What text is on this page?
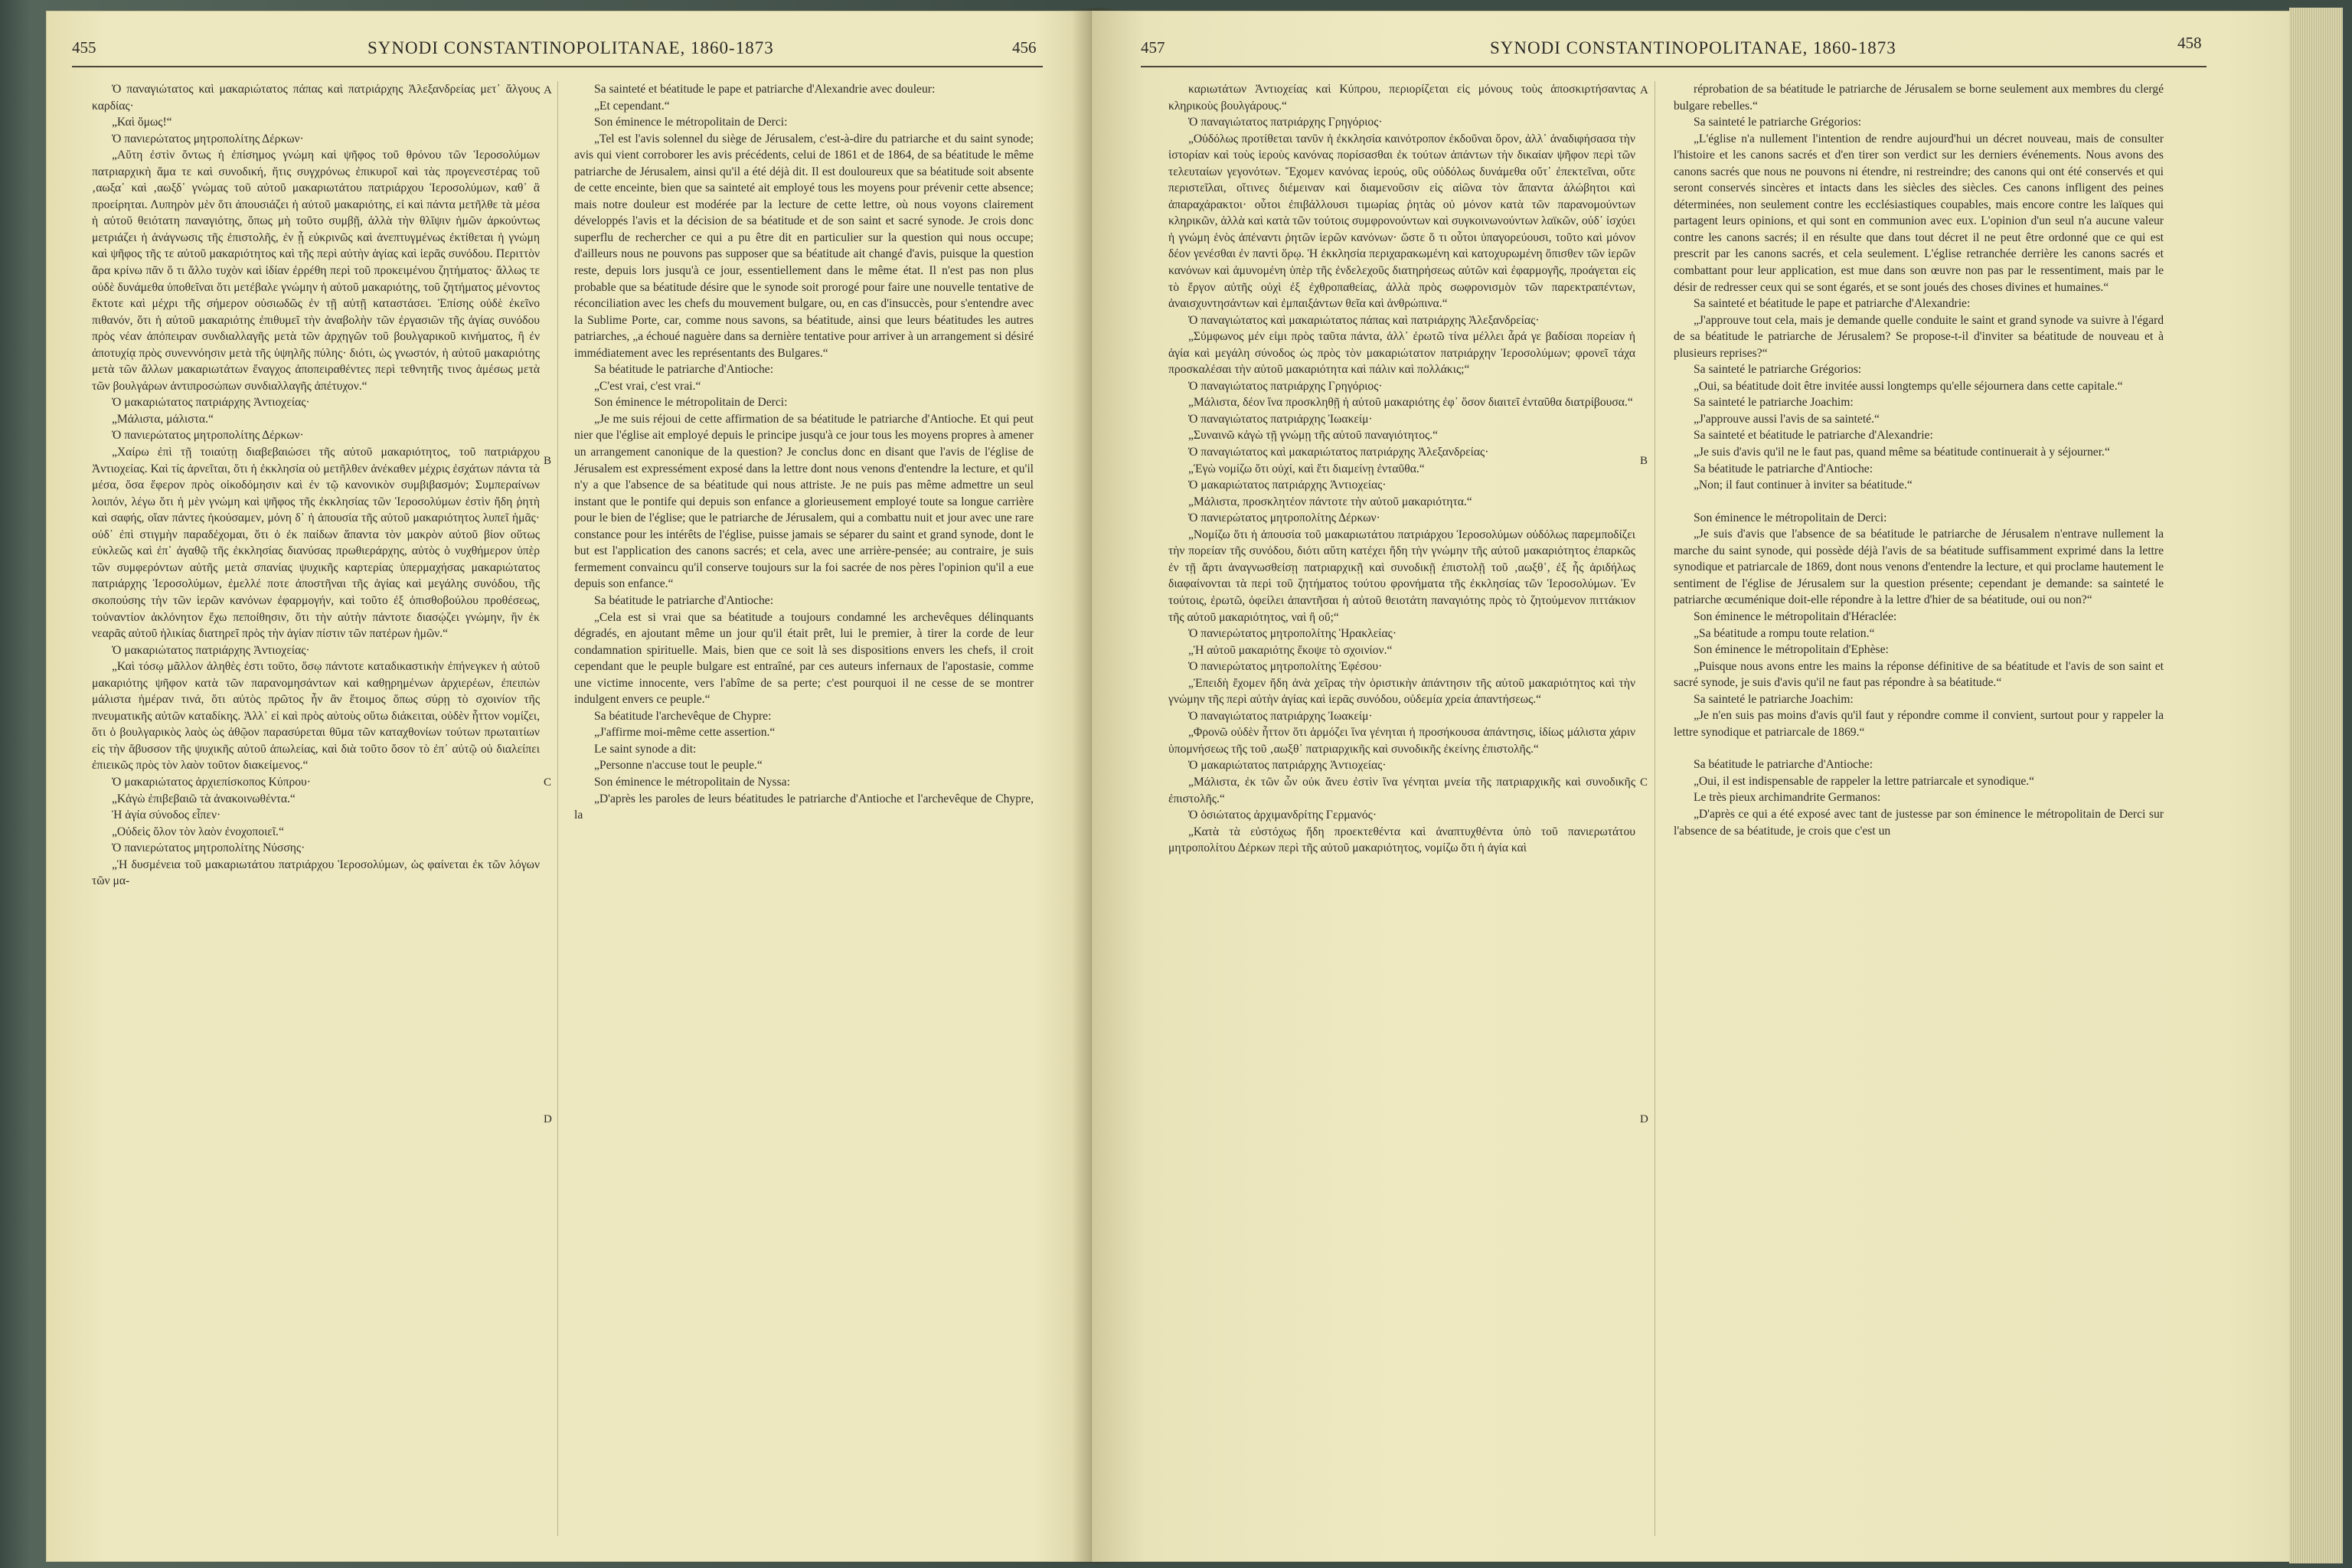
455	SYNODI CONSTANTINOPOLITANAE, 1860-1873	456

Ὁ παναγιώτατος καὶ μακαριώτατος πάπας καὶ πατριάρχης Ἀλεξανδρείας μετ᾽ ἄλγους καρδίας·

„Καὶ ὅμως!“

Ὁ πανιερώτατος μητροπολίτης Δέρκων·

„Αὕτη ἐστὶν ὄντως ἡ ἐπίσημος γνώμη καὶ ψῆφος τοῦ θρόνου τῶν Ἱεροσολύμων πατριαρχικὴ ἅμα τε καὶ συνοδική, ἥτις συγχρόνως ἐπικυροῖ καὶ τὰς προγενεστέρας τοῦ ‚αωξα᾽ καὶ ‚αωξδ᾽ γνώμας τοῦ αὐτοῦ μακαριωτάτου πατριάρχου Ἱεροσολύμων, καθ᾽ ἃ προείρηται. Λυπηρὸν μὲν ὅτι ἀπουσιάζει ἡ αὐτοῦ μακαριότης, εἰ καὶ πάντα μετῆλθε τὰ μέσα ἡ αὐτοῦ θειότατη παναγιότης, ὅπως μὴ τοῦτο συμβῇ, ἀλλὰ τὴν θλῖψιν ἡμῶν ἀρκούντως μετριάζει ἡ ἀνάγνωσις τῆς ἐπιστολῆς, ἐν ᾗ εὐκρινῶς καὶ ἀνεπτυγμένως ἐκτίθεται ἡ γνώμη καὶ ψῆφος τῆς τε αὐτοῦ μακαριότητος καὶ τῆς περὶ αὐτὴν ἁγίας καὶ ἱερᾶς συνόδου. Περιττὸν ἄρα κρίνω πᾶν ὅ τι ἄλλο τυχὸν καὶ ἰδίαν ἐρρέθη περὶ τοῦ προκειμένου ζητήματος· ἄλλως τε οὐδὲ δυνάμεθα ὑποθεῖναι ὅτι μετέβαλε γνώμην ἡ αὐτοῦ μακαριότης, τοῦ ζητήματος μένοντος ἔκτοτε καὶ μέχρι τῆς σήμερον οὐσιωδῶς ἐν τῇ αὐτῇ καταστάσει. Ἐπίσης οὐδὲ ἐκεῖνο πιθανόν, ὅτι ἡ αὐτοῦ μακαριότης ἐπιθυμεῖ τὴν ἀναβολὴν τῶν ἐργασιῶν τῆς ἁγίας συνόδου πρὸς νέαν ἀπόπειραν συνδιαλλαγῆς μετὰ τῶν ἀρχηγῶν τοῦ βουλγαρικοῦ κινήματος, ἢ ἐν ἀποτυχίᾳ πρὸς συνεννόησιν μετὰ τῆς ὑψηλῆς πύλης· διότι, ὡς γνωστόν, ἡ αὐτοῦ μακαριότης μετὰ τῶν ἄλλων μακαριωτάτων ἔναγχος ἀποπειραθέντες περὶ τεθνητῆς τινος ἀμέσως μετὰ τῶν βουλγάρων ἀντιπροσώπων συνδιαλλαγῆς ἀπέτυχον.“

Ὁ μακαριώτατος πατριάρχης Ἀντιοχείας·

„Μάλιστα, μάλιστα.“

Ὁ πανιερώτατος μητροπολίτης Δέρκων·

„Χαίρω ἐπὶ τῇ τοιαύτῃ διαβεβαιώσει τῆς αὐτοῦ μακαριότητος, τοῦ πατριάρχου Ἀντιοχείας. Καὶ τίς ἀρνεῖται, ὅτι ἡ ἐκκλησία οὐ μετῆλθεν ἀνέκαθεν μέχρις ἐσχάτων πάντα τὰ μέσα, ὅσα ἔφερον πρὸς οἰκοδόμησιν καὶ ἐν τῷ κανονικὸν συμβιβασμόν; Συμπεραίνων λοιπόν, λέγω ὅτι ἡ μὲν γνώμη καὶ ψῆφος τῆς ἐκκλησίας τῶν Ἱεροσολύμων ἐστὶν ἤδη ῥητὴ καὶ σαφής, οἵαν πάντες ἠκούσαμεν, μόνη δ᾽ ἡ ἀπουσία τῆς αὐτοῦ μακαριότητος λυπεῖ ἡμᾶς· οὐδ᾽ ἐπὶ στιγμὴν παραδέχομαι, ὅτι ὁ ἐκ παίδων ἅπαντα τὸν μακρὸν αὐτοῦ βίον οὕτως εὐκλεῶς καὶ ἐπ᾽ ἀγαθῷ τῆς ἐκκλησίας διανύσας πρωθιεράρχης, αὐτὸς ὁ νυχθήμερον ὑπὲρ τῶν συμφερόντων αὐτῆς μετὰ σπανίας ψυχικῆς καρτερίας ὑπερμαχήσας μακαριώτατος πατριάρχης Ἱεροσολύμων, ἐμελλέ ποτε ἀποστῆναι τῆς ἁγίας καὶ μεγάλης συνόδου, τῆς σκοπούσης τὴν τῶν ἱερῶν κανόνων ἐφαρμογήν, καὶ τοῦτο ἐξ ὀπισθοβούλου προθέσεως, τοὐναντίον ἀκλόνητον ἔχω πεποίθησιν, ὅτι τὴν αὐτὴν πάντοτε διασῴζει γνώμην, ἣν ἐκ νεαρᾶς αὐτοῦ ἡλικίας διατηρεῖ πρὸς τὴν ἁγίαν πίστιν τῶν πατέρων ἡμῶν.“

Ὁ μακαριώτατος πατριάρχης Ἀντιοχείας·

„Καὶ τόσῳ μᾶλλον ἀληθὲς ἐστι τοῦτο, ὅσῳ πάντοτε καταδικαστικὴν ἐπήνεγκεν ἡ αὐτοῦ μακαριότης ψῆφον κατὰ τῶν παρανομησάντων καὶ καθῃρημένων ἀρχιερέων, ἐπειπὼν μάλιστα ἡμέραν τινά, ὅτι αὐτὸς πρῶτος ἦν ἂν ἕτοιμος ὅπως σύρῃ τὸ σχοινίον τῆς πνευματικῆς αὐτῶν καταδίκης. Ἀλλ᾽ εἰ καὶ πρὸς αὐτοὺς οὕτω διάκειται, οὐδὲν ἧττον νομίζει, ὅτι ὁ βουλγαρικὸς λαὸς ὡς ἀθῷον παρασύρεται θῦμα τῶν καταχθονίων τούτων πρωταιτίων εἰς τὴν ἄβυσσον τῆς ψυχικῆς αὐτοῦ ἀπωλείας, καὶ διὰ τοῦτο ὅσον τὸ ἐπ᾽ αὐτῷ οὐ διαλείπει ἐπιεικῶς πρὸς τὸν λαὸν τοῦτον διακείμενος.“

Ὁ μακαριώτατος ἀρχιεπίσκοπος Κύπρου·

„Κἀγὼ ἐπιβεβαιῶ τὰ ἀνακοινωθέντα.“

Ἡ ἁγία σύνοδος εἶπεν·

„Οὐδεὶς ὅλον τὸν λαὸν ἐνοχοποιεῖ.“

Ὁ πανιερώτατος μητροπολίτης Νύσσης·

„Ἡ δυσμένεια τοῦ μακαριωτάτου πατριάρχου Ἱεροσολύμων, ὡς φαίνεται ἐκ τῶν λόγων τῶν μα-

Sa sainteté et béatitude le pape et patriarche d'Alexandrie avec douleur:

„Et cependant.“

Son éminence le métropolitain de Derci:

„Tel est l'avis solennel du siège de Jérusalem, c'est-à-dire du patriarche et du saint synode; avis qui vient corroborer les avis précédents, celui de 1861 et de 1864, de sa béatitude le même patriarche de Jérusalem, ainsi qu'il a été déjà dit. Il est douloureux que sa béatitude soit absente de cette enceinte, bien que sa sainteté ait employé tous les moyens pour prévenir cette absence; mais notre douleur est modérée par la lecture de cette lettre, où nous voyons clairement développés l'avis et la décision de sa béatitude et de son saint et sacré synode. Je crois donc superflu de rechercher ce qui a pu être dit en particulier sur la question qui nous occupe; d'ailleurs nous ne pouvons pas supposer que sa béatitude ait changé d'avis, puisque la question reste, depuis lors jusqu'à ce jour, essentiellement dans le même état. Il n'est pas non plus probable que sa béatitude désire que le synode soit prorogé pour faire une nouvelle tentative de réconciliation avec les chefs du mouvement bulgare, ou, en cas d'insuccès, pour s'entendre avec la Sublime Porte, car, comme nous savons, sa béatitude, ainsi que leurs béatitudes les autres patriarches, „a échoué naguère dans sa dernière tentative pour arriver à un arrangement si désiré immédiatement avec les représentants des Bulgares.“

Sa béatitude le patriarche d'Antioche:

„C'est vrai, c'est vrai.“

Son éminence le métropolitain de Derci:

„Je me suis réjoui de cette affirmation de sa béatitude le patriarche d'Antioche. Et qui peut nier que l'église ait employé depuis le principe jusqu'à ce jour tous les moyens propres à amener un arrangement canonique de la question? Je conclus donc en disant que l'avis de l'église de Jérusalem est expressément exposé dans la lettre dont nous venons d'entendre la lecture, et qu'il n'y a que l'absence de sa béatitude qui nous attriste. Je ne puis pas même admettre un seul instant que le pontife qui depuis son enfance a glorieusement employé toute sa longue carrière pour le bien de l'église; que le patriarche de Jérusalem, qui a combattu nuit et jour avec une rare constance pour les intérêts de l'église, puisse jamais se séparer du saint et grand synode, dont le but est l'application des canons sacrés; et cela, avec une arrière-pensée; au contraire, je suis fermement convaincu qu'il conserve toujours sur la foi sacrée de nos pères l'opinion qu'il a eue depuis son enfance.“

Sa béatitude le patriarche d'Antioche:

„Cela est si vrai que sa béatitude a toujours condamné les archevêques délinquants dégradés, en ajoutant même un jour qu'il était prêt, lui le premier, à tirer la corde de leur condamnation spirituelle. Mais, bien que ce soit là ses dispositions envers les chefs, il croit cependant que le peuple bulgare est entraîné, par ces auteurs infernaux de l'apostasie, comme une victime innocente, vers l'abîme de sa perte; c'est pourquoi il ne cesse de se montrer indulgent envers ce peuple.“

Sa béatitude l'archevêque de Chypre:

„J'affirme moi-même cette assertion.“

Le saint synode a dit:

„Personne n'accuse tout le peuple.“

Son éminence le métropolitain de Nyssa:

„D'après les paroles de leurs béatitudes le patriarche d'Antioche et l'archevêque de Chypre, la

A
B
C
D
457	SYNODI CONSTANTINOPOLITANAE, 1860-1873	458

καριωτάτων Ἀντιοχείας καὶ Κύπρου, περιορίζεται εἰς μόνους τοὺς ἀποσκιρτήσαντας κληρικοὺς βουλγάρους.“

Ὁ παναγιώτατος πατριάρχης Γρηγόριος·

„Οὐδόλως προτίθεται τανῦν ἡ ἐκκλησία καινότροπον ἐκδοῦναι ὅρον, ἀλλ᾽ ἀναδιφήσασα τὴν ἱστορίαν καὶ τοὺς ἱεροὺς κανόνας πορίσασθαι ἐκ τούτων ἀπάντων τὴν δικαίαν ψῆφον περὶ τῶν τελευταίων γεγονότων. Ἔχομεν κανόνας ἱερούς, οὓς οὐδόλως δυνάμεθα οὔτ᾽ ἐπεκτεῖναι, οὔτε περιστεῖλαι, οἵτινες διέμειναν καὶ διαμενοῦσιν εἰς αἰῶνα τὸν ἅπαντα ἀλώβητοι καὶ ἀπαραχάρακτοι· οὗτοι ἐπιβάλλουσι τιμωρίας ῥητὰς οὐ μόνον κατὰ τῶν παρανομούντων κληρικῶν, ἀλλὰ καὶ κατὰ τῶν τούτοις συμφρονούντων καὶ συγκοινωνούντων λαϊκῶν, οὐδ᾽ ἰσχύει ἡ γνώμη ἑνὸς ἀπέναντι ῥητῶν ἱερῶν κανόνων· ὥστε ὅ τι οὗτοι ὑπαγορεύουσι, τοῦτο καὶ μόνον δέον γενέσθαι ἐν παντὶ ὅρῳ. Ἡ ἐκκλησία περιχαρακωμένη καὶ κατοχυρωμένη ὄπισθεν τῶν ἱερῶν κανόνων καὶ ἀμυνομένη ὑπὲρ τῆς ἐνδελεχοῦς διατηρήσεως αὐτῶν καὶ ἐφαρμογῆς, προάγεται εἰς τὸ ἔργον αὐτῆς οὐχὶ ἐξ ἐχθροπαθείας, ἀλλὰ πρὸς σωφρονισμὸν τῶν παρεκτραπέντων, ἀναισχυντησάντων καὶ ἐμπαιξάντων θεῖα καὶ ἀνθρώπινα.“

Ὁ παναγιώτατος καὶ μακαριώτατος πάπας καὶ πατριάρχης Ἀλεξανδρείας·

„Σύμφωνος μέν εἰμι πρὸς ταῦτα πάντα, ἀλλ᾽ ἐρωτῶ τίνα μέλλει ἆρά γε βαδίσαι πορείαν ἡ ἁγία καὶ μεγάλη σύνοδος ὡς πρὸς τὸν μακαριώτατον πατριάρχην Ἱεροσολύμων; φρονεῖ τάχα προσκαλέσαι τὴν αὐτοῦ μακαριότητα καὶ πάλιν καὶ πολλάκις;“

Ὁ παναγιώτατος πατριάρχης Γρηγόριος·

„Μάλιστα, δέον ἵνα προσκληθῇ ἡ αὐτοῦ μακαριότης ἐφ᾽ ὅσον διαιτεῖ ἐνταῦθα διατρίβουσα.“

Ὁ παναγιώτατος πατριάρχης Ἰωακείμ·

„Συναινῶ κἀγὼ τῇ γνώμῃ τῆς αὐτοῦ παναγιότητος.“

Ὁ παναγιώτατος καὶ μακαριώτατος πατριάρχης Ἀλεξανδρείας·

„Ἐγὼ νομίζω ὅτι οὐχί, καὶ ἔτι διαμείνῃ ἐνταῦθα.“

Ὁ μακαριώτατος πατριάρχης Ἀντιοχείας·

„Μάλιστα, προσκλητέον πάντοτε τὴν αὐτοῦ μακαριότητα.“

Ὁ πανιερώτατος μητροπολίτης Δέρκων·

„Νομίζω ὅτι ἡ ἀπουσία τοῦ μακαριωτάτου πατριάρχου Ἱεροσολύμων οὐδόλως παρεμποδίζει τὴν πορείαν τῆς συνόδου, διότι αὕτη κατέχει ἤδη τὴν γνώμην τῆς αὐτοῦ μακαριότητος ἐπαρκῶς ἐν τῇ ἄρτι ἀναγνωσθείσῃ πατριαρχικῇ καὶ συνοδικῇ ἐπιστολῇ τοῦ ‚αωξθ᾽, ἐξ ἧς ἀριδήλως διαφαίνονται τὰ περὶ τοῦ ζητήματος τούτου φρονήματα τῆς ἐκκλησίας τῶν Ἱεροσολύμων. Ἐν τούτοις, ἐρωτῶ, ὀφείλει ἀπαντῆσαι ἡ αὐτοῦ θειοτάτη παναγιότης πρὸς τὸ ζητούμενον πιττάκιον τῆς αὐτοῦ μακαριότητος, ναὶ ἢ οὔ;“

Ὁ πανιερώτατος μητροπολίτης Ἡρακλείας·

„Ἡ αὐτοῦ μακαριότης ἔκοψε τὸ σχοινίον.“

Ὁ πανιερώτατος μητροπολίτης Ἐφέσου·

„Ἐπειδὴ ἔχομεν ἤδη ἀνὰ χεῖρας τὴν ὁριστικὴν ἀπάντησιν τῆς αὐτοῦ μακαριότητος καὶ τὴν γνώμην τῆς περὶ αὐτὴν ἁγίας καὶ ἱερᾶς συνόδου, οὐδεμία χρεία ἀπαντήσεως.“

Ὁ παναγιώτατος πατριάρχης Ἰωακείμ·

„Φρονῶ οὐδὲν ἧττον ὅτι ἁρμόζει ἵνα γένηται ἡ προσήκουσα ἀπάντησις, ἰδίως μάλιστα χάριν ὑπομνήσεως τῆς τοῦ ‚αωξθ᾽ πατριαρχικῆς καὶ συνοδικῆς ἐκείνης ἐπιστολῆς.“

Ὁ μακαριώτατος πατριάρχης Ἀντιοχείας·

„Μάλιστα, ἐκ τῶν ὧν οὐκ ἄνευ ἐστὶν ἵνα γένηται μνεία τῆς πατριαρχικῆς καὶ συνοδικῆς ἐπιστολῆς.“

Ὁ ὁσιώτατος ἀρχιμανδρίτης Γερμανός·

„Κατὰ τὰ εὐστόχως ἤδη προεκτεθέντα καὶ ἀναπτυχθέντα ὑπὸ τοῦ πανιερωτάτου μητροπολίτου Δέρκων περὶ τῆς αὐτοῦ μακαριότητος, νομίζω ὅτι ἡ ἁγία καὶ

réprobation de sa béatitude le patriarche de Jérusalem se borne seulement aux membres du clergé bulgare rebelles.“

Sa sainteté le patriarche Grégorios:

„L'église n'a nullement l'intention de rendre aujourd'hui un décret nouveau, mais de consulter l'histoire et les canons sacrés et d'en tirer son verdict sur les derniers événements. Nous avons des canons sacrés que nous ne pouvons ni étendre, ni restreindre; des canons qui ont été conservés et qui seront conservés sincères et intacts dans les siècles des siècles. Ces canons infligent des peines déterminées, non seulement contre les ecclésiastiques coupables, mais encore contre les laïques qui partagent leurs opinions, et qui sont en communion avec eux. L'opinion d'un seul n'a aucune valeur contre les canons sacrés; il en résulte que dans tout décret il ne peut être ordonné que ce qui est prescrit par les canons sacrés, et cela seulement. L'église retranchée derrière les canons sacrés et combattant pour leur application, est mue dans son œuvre non pas par le ressentiment, mais par le désir de redresser ceux qui se sont égarés, et se sont joués des choses divines et humaines.“

Sa sainteté et béatitude le pape et patriarche d'Alexandrie:

„J'approuve tout cela, mais je demande quelle conduite le saint et grand synode va suivre à l'égard de sa béatitude le patriarche de Jérusalem? Se propose-t-il d'inviter sa béatitude de nouveau et à plusieurs reprises?“

Sa sainteté le patriarche Grégorios:

„Oui, sa béatitude doit être invitée aussi longtemps qu'elle séjournera dans cette capitale.“

Sa sainteté le patriarche Joachim:

„J'approuve aussi l'avis de sa sainteté.“

Sa sainteté et béatitude le patriarche d'Alexandrie:

„Je suis d'avis qu'il ne le faut pas, quand même sa béatitude continuerait à y séjourner.“

Sa béatitude le patriarche d'Antioche:

„Non; il faut continuer à inviter sa béatitude.“

Son éminence le métropolitain de Derci:

„Je suis d'avis que l'absence de sa béatitude le patriarche de Jérusalem n'entrave nullement la marche du saint synode, qui possède déjà l'avis de sa béatitude suffisamment exprimé dans la lettre synodique et patriarcale de 1869, dont nous venons d'entendre la lecture, et qui proclame hautement le sentiment de l'église de Jérusalem sur la question présente; cependant je demande: sa sainteté le patriarche œcuménique doit-elle répondre à la lettre d'hier de sa béatitude, oui ou non?“

Son éminence le métropolitain d'Héraclée:

„Sa béatitude a rompu toute relation.“

Son éminence le métropolitain d'Ephèse:

„Puisque nous avons entre les mains la réponse définitive de sa béatitude et l'avis de son saint et sacré synode, je suis d'avis qu'il ne faut pas répondre à sa béatitude.“

Sa sainteté le patriarche Joachim:

„Je n'en suis pas moins d'avis qu'il faut y répondre comme il convient, surtout pour y rappeler la lettre synodique et patriarcale de 1869.“

Sa béatitude le patriarche d'Antioche:

„Oui, il est indispensable de rappeler la lettre patriarcale et synodique.“

Le très pieux archimandrite Germanos:

„D'après ce qui a été exposé avec tant de justesse par son éminence le métropolitain de Derci sur l'absence de sa béatitude, je crois que c'est un

A
B
C
D
